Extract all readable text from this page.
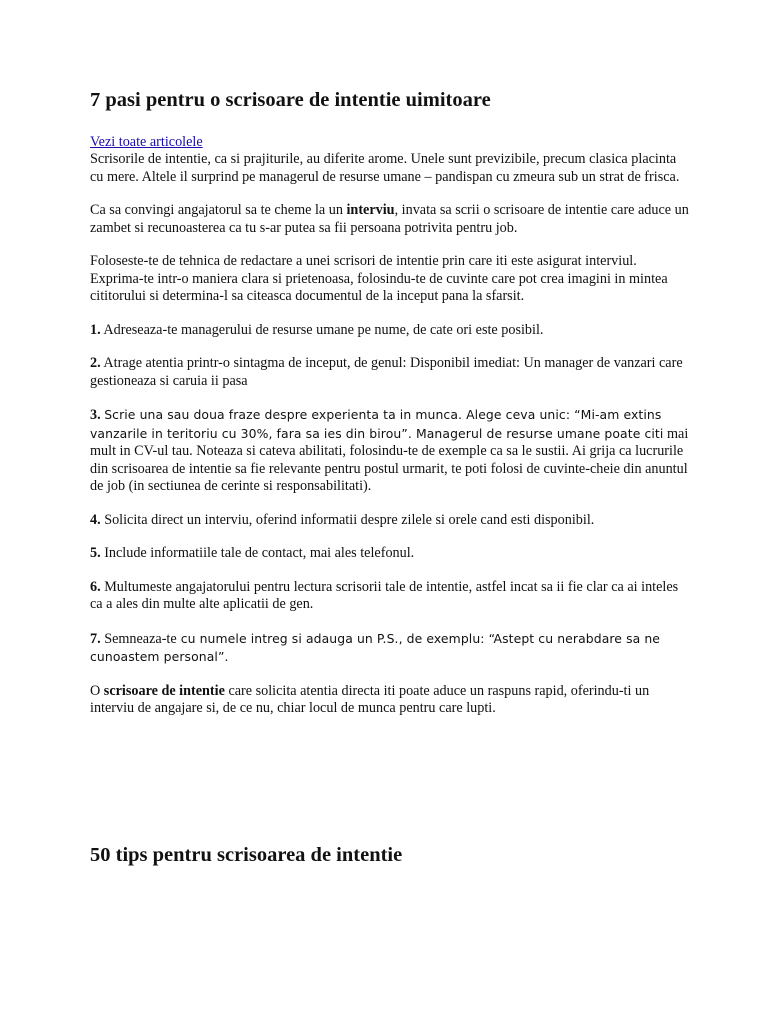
7 pasi pentru o scrisoare de intentie uimitoare
Vezi toate articolele

Scrisorile de intentie, ca si prajiturile, au diferite arome. Unele sunt previzibile, precum clasica placinta cu mere. Altele il surprind pe managerul de resurse umane – pandispan cu zmeura sub un strat de frisca.

Ca sa convingi angajatorul sa te cheme la un interviu, invata sa scrii o scrisoare de intentie care aduce un zambet si recunoasterea ca tu s-ar putea sa fii persoana potrivita pentru job.

Foloseste-te de tehnica de redactare a unei scrisori de intentie prin care iti este asigurat interviul. Exprima-te intr-o maniera clara si prietenoasa, folosindu-te de cuvinte care pot crea imagini in mintea cititorului si determina-l sa citeasca documentul de la inceput pana la sfarsit.

1. Adreseaza-te managerului de resurse umane pe nume, de cate ori este posibil.

2. Atrage atentia printr-o sintagma de inceput, de genul: Disponibil imediat: Un manager de vanzari care gestioneaza si caruia ii pasa

3. Scrie una sau doua fraze despre experienta ta in munca. Alege ceva unic: “Mi-am extins vanzarile in teritoriu cu 30%, fara sa ies din birou”. Managerul de resurse umane poate citi mai mult in CV-ul tau. Noteaza si cateva abilitati, folosindu-te de exemple ca sa le sustii. Ai grija ca lucrurile din scrisoarea de intentie sa fie relevante pentru postul urmarit, te poti folosi de cuvinte-cheie din anuntul de job (in sectiunea de cerinte si responsabilitati).

4. Solicita direct un interviu, oferind informatii despre zilele si orele cand esti disponibil.

5. Include informatiile tale de contact, mai ales telefonul.

6. Multumeste angajatorului pentru lectura scrisorii tale de intentie, astfel incat sa ii fie clar ca ai inteles ca a ales din multe alte aplicatii de gen.

7. Semneaza-te cu numele intreg si adauga un P.S., de exemplu: “Astept cu nerabdare sa ne cunoastem personal”.

O scrisoare de intentie care solicita atentia directa iti poate aduce un raspuns rapid, oferindu-ti un interviu de angajare si, de ce nu, chiar locul de munca pentru care lupti.

50 tips pentru scrisoarea de intentie
